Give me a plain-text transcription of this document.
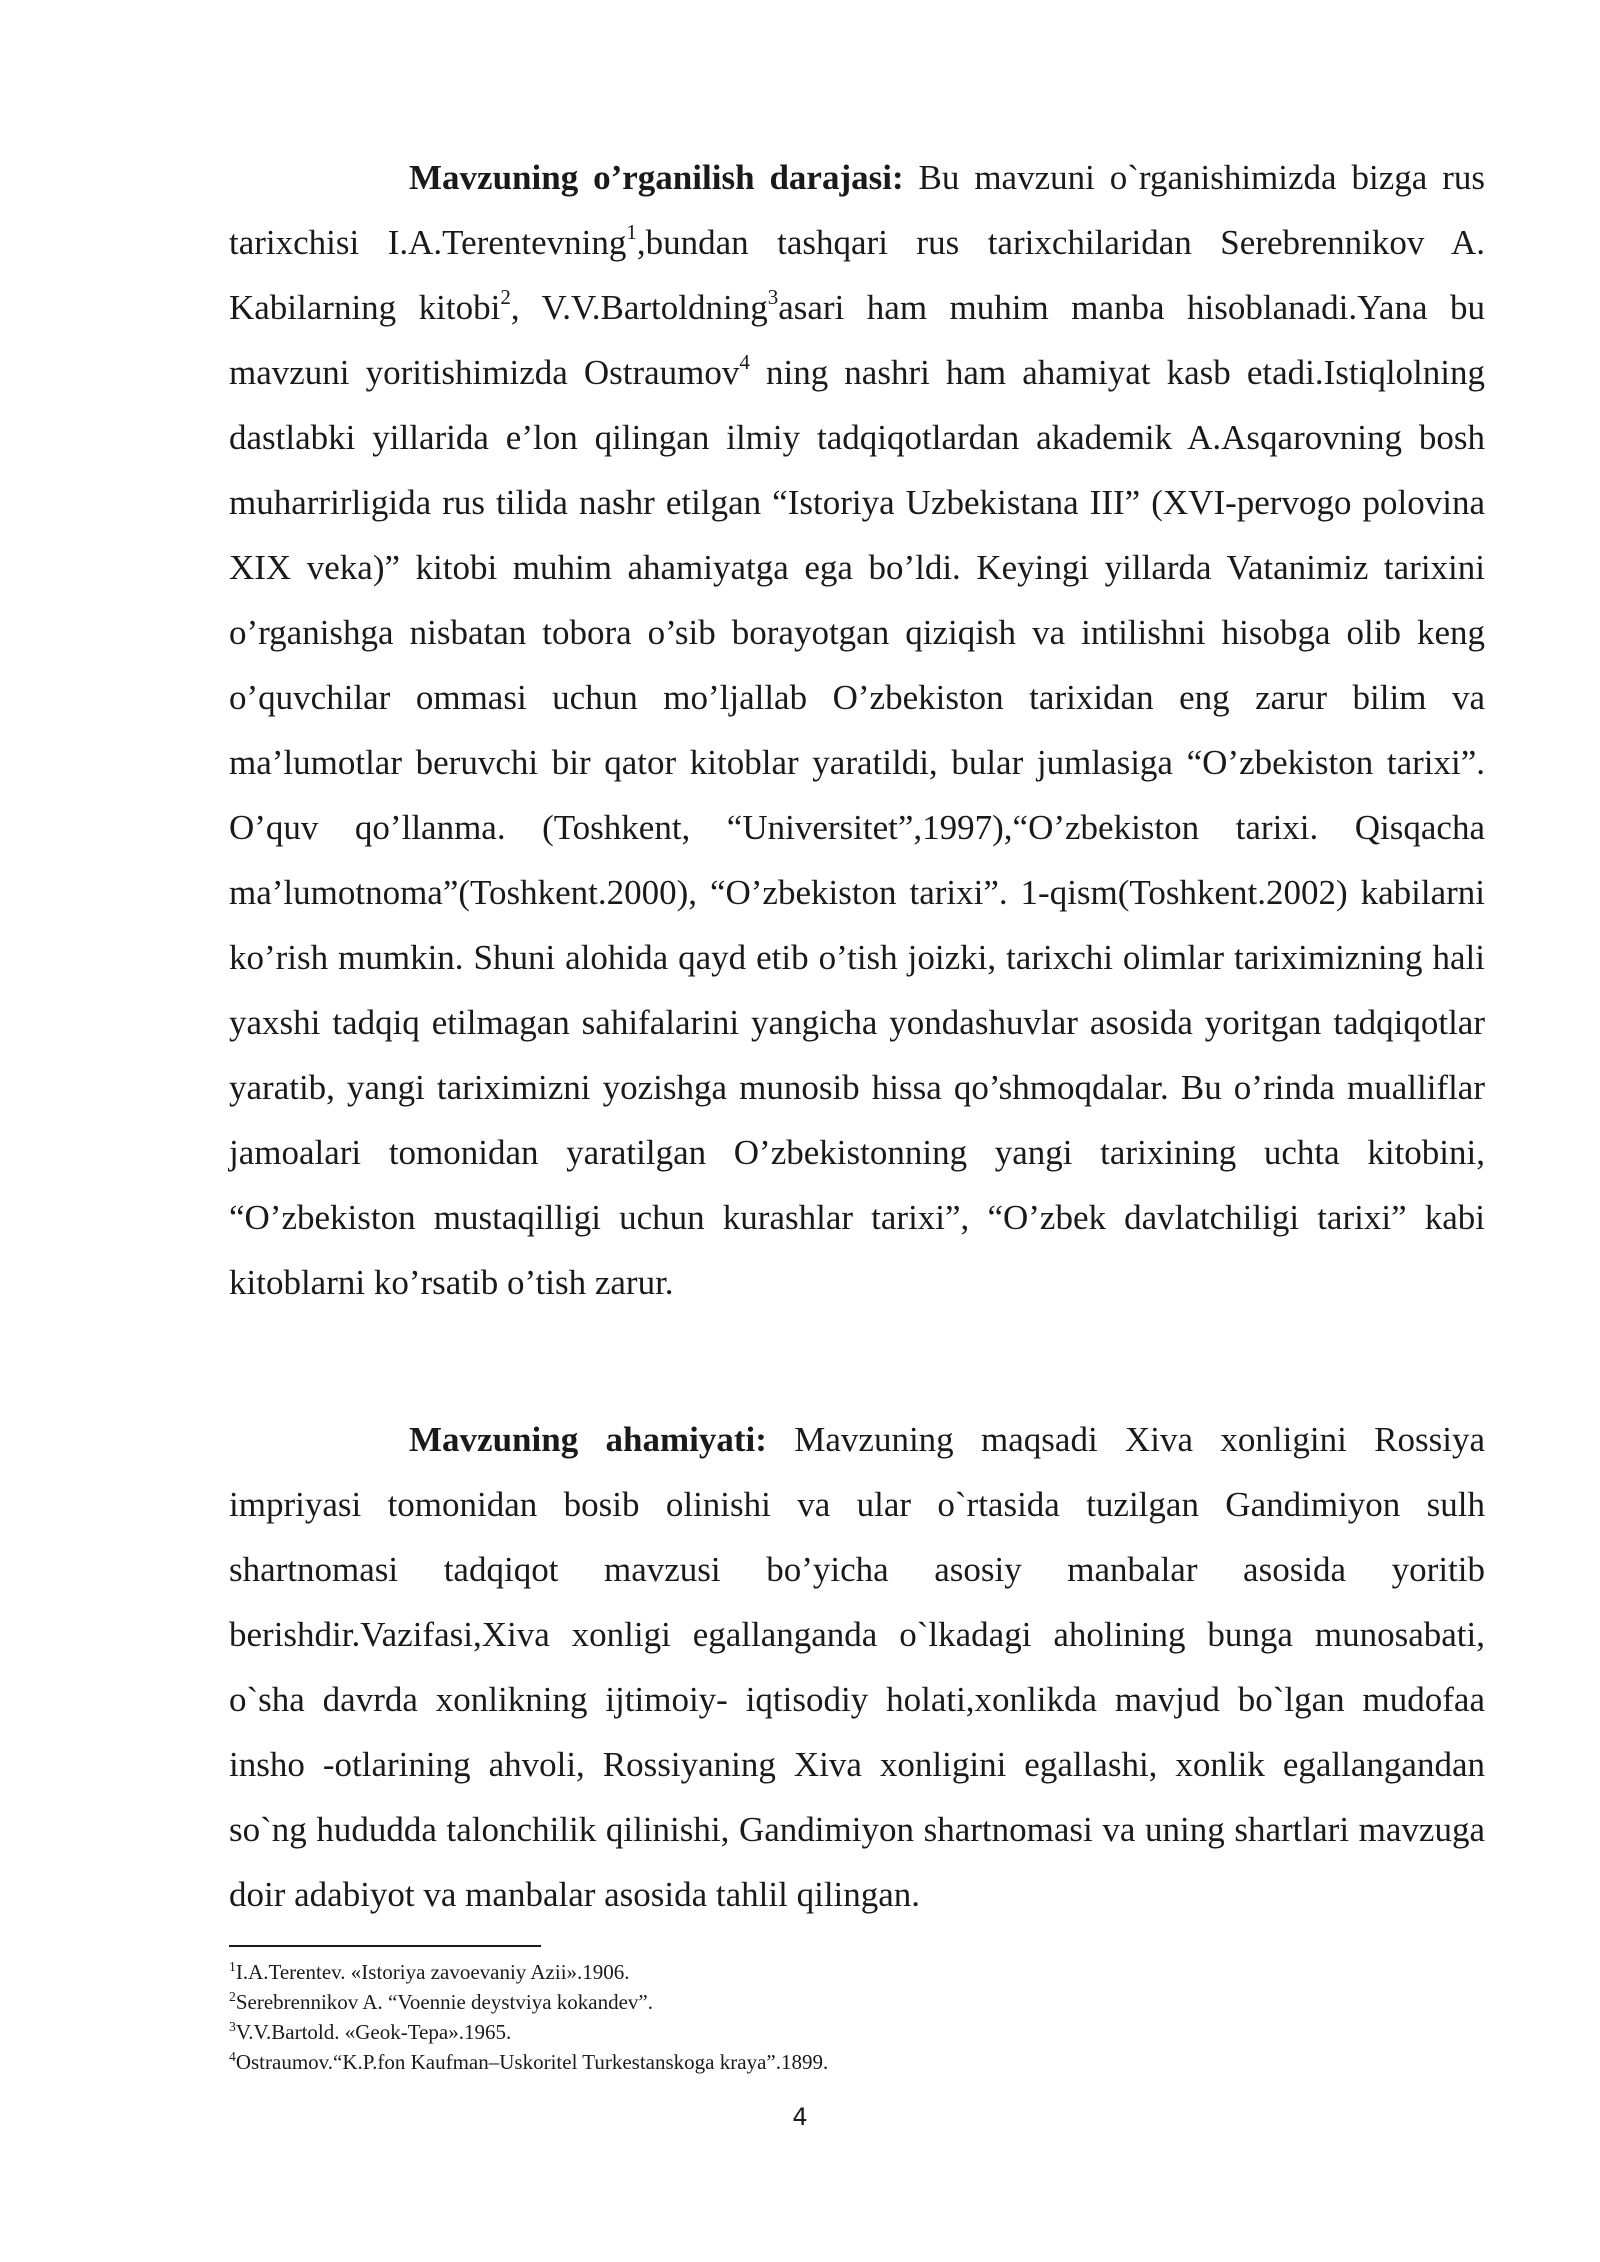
Mavzuning o’rganilish darajasi: Bu mavzuni o`rganishimizda bizga rus tarixchisi I.A.Terentevning$^1$,bundan tashqari rus tarixchilaridan Serebrennikov A. Kabilarning kitobi$^2$, V.V.Bartoldning$^3$asari ham muhim manba hisoblanadi.Yana bu mavzuni yoritishimizda Ostraumov$^4$ ning nashri ham ahamiyat kasb etadi.Istiqlolning dastlabki yillarida e’lon qilingan ilmiy tadqiqotlardan akademik A.Asqarovning bosh muharrirligida rus tilida nashr etilgan “Istoriya Uzbekistana III” (XVI-pervogo polovina XIX veka)” kitobi muhim ahamiyatga ega bo’ldi. Keyingi yillarda Vatanimiz tarixini o’rganishga nisbatan tobora o’sib borayotgan qiziqish va intilishni hisobga olib keng o’quvchilar ommasi uchun mo’ljallab O’zbekiston tarixidan eng zarur bilim va ma’lumotlar beruvchi bir qator kitoblar yaratildi, bular jumlasiga “O’zbekiston tarixi”. O’quv qo’llanma. (Toshkent, “Universitet”,1997),“O’zbekiston tarixi. Qisqacha ma’lumotnoma”(Toshkent.2000), “O’zbekiston tarixi”. 1-qism(Toshkent.2002) kabilarni ko’rish mumkin. Shuni alohida qayd etib o’tish joizki, tarixchi olimlar tariximizning hali yaxshi tadqiq etilmagan sahifalarini yangicha yondashuvlar asosida yoritgan tadqiqotlar yaratib, yangi tariximizni yozishga munosib hissa qo’shmoqdalar. Bu o’rinda mualliflar jamoalari tomonidan yaratilgan O’zbekistonning yangi tarixining uchta kitobini, “O’zbekiston mustaqilligi uchun kurashlar tarixi”, “O’zbek davlatchiligi tarixi” kabi kitoblarni ko’rsatib o’tish zarur.

Mavzuning ahamiyati: Mavzuning maqsadi Xiva xonligini Rossiya impriyasi tomonidan bosib olinishi va ular o`rtasida tuzilgan Gandimiyon sulh shartnomasi tadqiqot mavzusi bo’yicha asosiy manbalar asosida yoritib berishdir.Vazifasi,Xiva xonligi egallanganda o`lkadagi aholining bunga munosabati, o`sha davrda xonlikning ijtimoiy- iqtisodiy holati,xonlikda mavjud bo`lgan mudofaa insho -otlarining ahvoli, Rossiyaning Xiva xonligini egallashi, xonlik egallangandan so`ng hududda talonchilik qilinishi, Gandimiyon shartnomasi va uning shartlari mavzuga doir adabiyot va manbalar asosida tahlil qilingan.

$^1$I.A.Terentev. «Istoriya zavoevaniy Azii».1906.
$^2$Serebrennikov A. “Voennie deystviya kokandev”.
$^3$V.V.Bartold. «Geok-Tepa».1965.
$^4$Ostraumov.“K.P.fon Kaufman–Uskoritel Turkestanskoga kraya”.1899.
4
